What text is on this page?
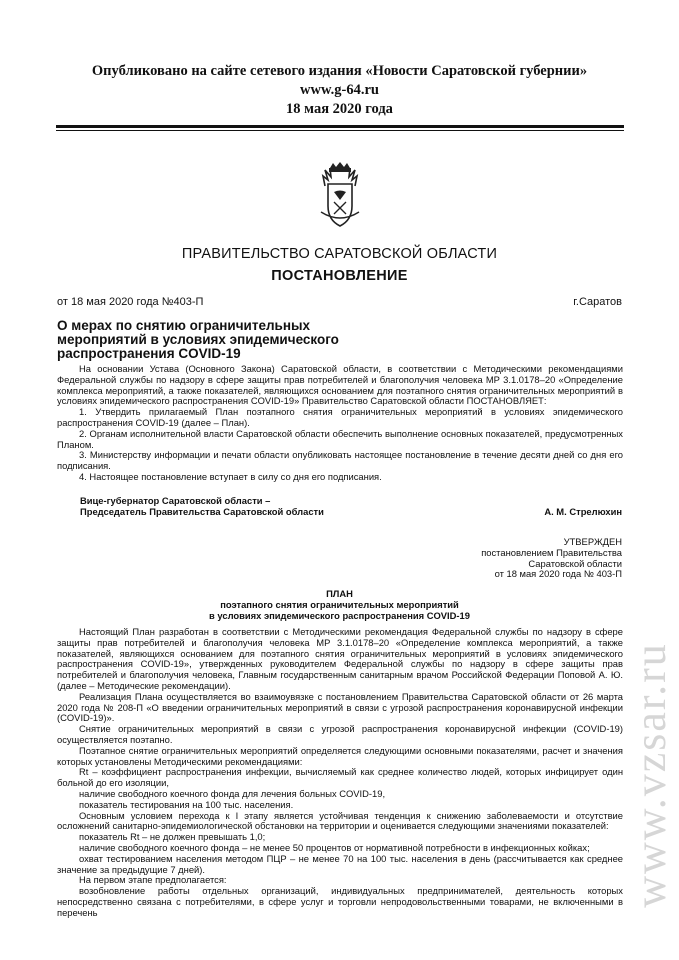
Опубликовано на сайте сетевого издания «Новости Саратовской губернии»
www.g-64.ru
18 мая 2020 года
ПРАВИТЕЛЬСТВО САРАТОВСКОЙ ОБЛАСТИ
ПОСТАНОВЛЕНИЕ
от 18 мая 2020 года №403-П	г.Саратов
О мерах по снятию ограничительных мероприятий в условиях эпидемического распространения COVID-19

На основании Устава (Основного Закона) Саратовской области, в соответствии с Методическими рекомендациями Федеральной службы по надзору в сфере защиты прав потребителей и благополучия человека МР 3.1.0178–20 «Определение комплекса мероприятий, а также показателей, являющихся основанием для поэтапного снятия ограничительных мероприятий в условиях эпидемического распространения COVID-19» Правительство Саратовской области ПОСТАНОВЛЯЕТ:

1. Утвердить прилагаемый План поэтапного снятия ограничительных мероприятий в условиях эпидемического распространения COVID-19 (далее – План).

2. Органам исполнительной власти Саратовской области обеспечить выполнение основных показателей, предусмотренных Планом.

3. Министерству информации и печати области опубликовать настоящее постановление в течение десяти дней со дня его подписания.

4. Настоящее постановление вступает в силу со дня его подписания.

Вице-губернатор Саратовской области –
Председатель Правительства Саратовской области	А. М. Стрелюхин
УТВЕРЖДЕН
постановлением Правительства
Саратовской области
от 18 мая 2020 года № 403-П
ПЛАН
поэтапного снятия ограничительных мероприятий
в условиях эпидемического распространения COVID-19

Настоящий План разработан в соответствии с Методическими рекомендация Федеральной службы по надзору в сфере защиты прав потребителей и благополучия человека МР 3.1.0178–20 «Определение комплекса мероприятий, а также показателей, являющихся основанием для поэтапного снятия ограничительных мероприятий в условиях эпидемического распространения COVID-19», утвержденных руководителем Федеральной службы по надзору в сфере защиты прав потребителей и благополучия человека, Главным государственным санитарным врачом Российской Федерации Поповой А. Ю. (далее – Методические рекомендации).

Реализация Плана осуществляется во взаимоувязке с постановлением Правительства Саратовской области от 26 марта 2020 года № 208-П «О введении ограничительных мероприятий в связи с угрозой распространения коронавирусной инфекции (COVID-19)».

Снятие ограничительных мероприятий в связи с угрозой распространения коронавирусной инфекции (COVID-19) осуществляется поэтапно.

Поэтапное снятие ограничительных мероприятий определяется следующими основными показателями, расчет и значения которых установлены Методическими рекомендациями:

Rt – коэффициент распространения инфекции, вычисляемый как среднее количество людей, которых инфицирует один больной до его изоляции,

наличие свободного коечного фонда для лечения больных COVID-19,

показатель тестирования на 100 тыс. населения.

Основным условием перехода к I этапу является устойчивая тенденция к снижению заболеваемости и отсутствие осложнений санитарно-эпидемиологической обстановки на территории и оценивается следующими значениями показателей:

показатель Rt – не должен превышать 1,0;

наличие свободного коечного фонда – не менее 50 процентов от нормативной потребности в инфекционных койках;

охват тестированием населения методом ПЦР – не менее 70 на 100 тыс. населения в день (рассчитывается как среднее значение за предыдущие 7 дней).

На первом этапе предполагается:

возобновление работы отдельных организаций, индивидуальных предпринимателей, деятельность которых непосредственно связана с потребителями, в сфере услуг и торговли непродовольственными товарами, не включенными в перечень

www.vzsar.ru
